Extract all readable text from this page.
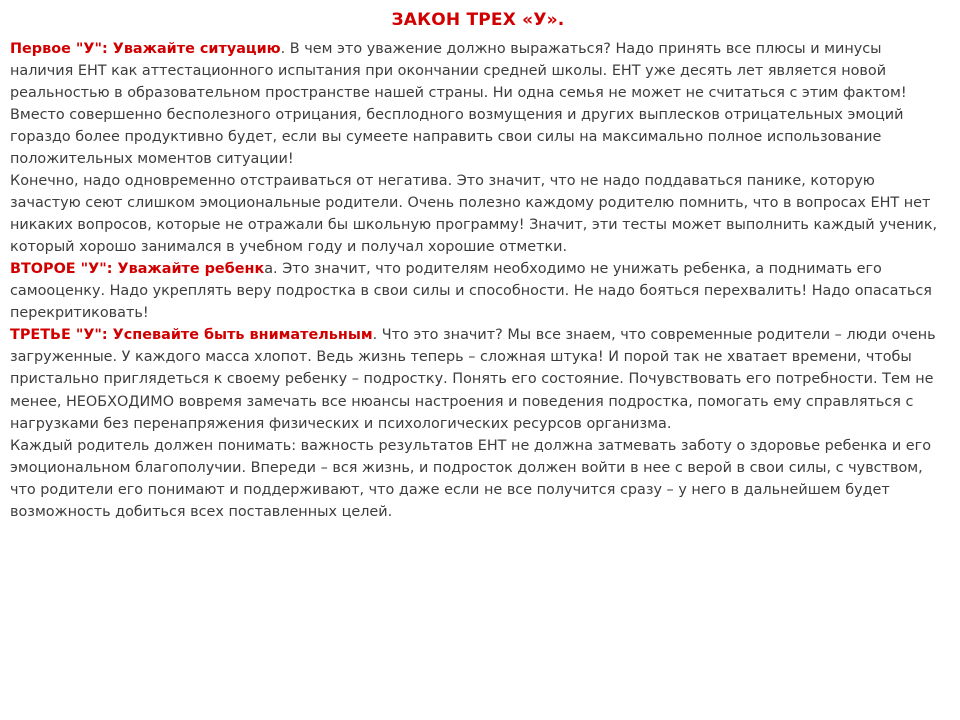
ЗАКОН ТРЕХ «У».

Первое "У": Уважайте ситуацию. В чем это уважение должно выражаться? Надо принять все плюсы и минусы наличия ЕНТ как аттестационного испытания при окончании средней школы. ЕНТ уже десять лет является новой реальностью в образовательном пространстве нашей страны. Ни одна семья не может не считаться с этим фактом! Вместо совершенно бесполезного отрицания, бесплодного возмущения и других выплесков отрицательных эмоций гораздо более продуктивно будет, если вы сумеете направить свои силы на максимально полное использование положительных моментов ситуации!

Конечно, надо одновременно отстраиваться от негатива. Это значит, что не надо поддаваться панике, которую зачастую сеют слишком эмоциональные родители. Очень полезно каждому родителю помнить, что в вопросах ЕНТ нет никаких вопросов, которые не отражали бы школьную программу! Значит, эти тесты может выполнить каждый ученик, который хорошо занимался в учебном году и получал хорошие отметки.

ВТОРОЕ "У": Уважайте ребенка. Это значит, что родителям необходимо не унижать ребенка, а поднимать его самооценку. Надо укреплять веру подростка в свои силы и способности. Не надо бояться перехвалить! Надо опасаться перекритиковать!

ТРЕТЬЕ "У": Успевайте быть внимательным. Что это значит? Мы все знаем, что современные родители – люди очень загруженные. У каждого масса хлопот. Ведь жизнь теперь – сложная штука! И порой так не хватает времени, чтобы пристально приглядеться к своему ребенку – подростку. Понять его состояние. Почувствовать его потребности. Тем не менее, НЕОБХОДИМО вовремя замечать все нюансы настроения и поведения подростка, помогать ему справляться с нагрузками без перенапряжения физических и психологических ресурсов организма.

Каждый родитель должен понимать: важность результатов ЕНТ не должна затмевать заботу о здоровье ребенка и его эмоциональном благополучии. Впереди – вся жизнь, и подросток должен войти в нее с верой в свои силы, с чувством, что родители его понимают и поддерживают, что даже если не все получится сразу – у него в дальнейшем будет возможность добиться всех поставленных целей.
